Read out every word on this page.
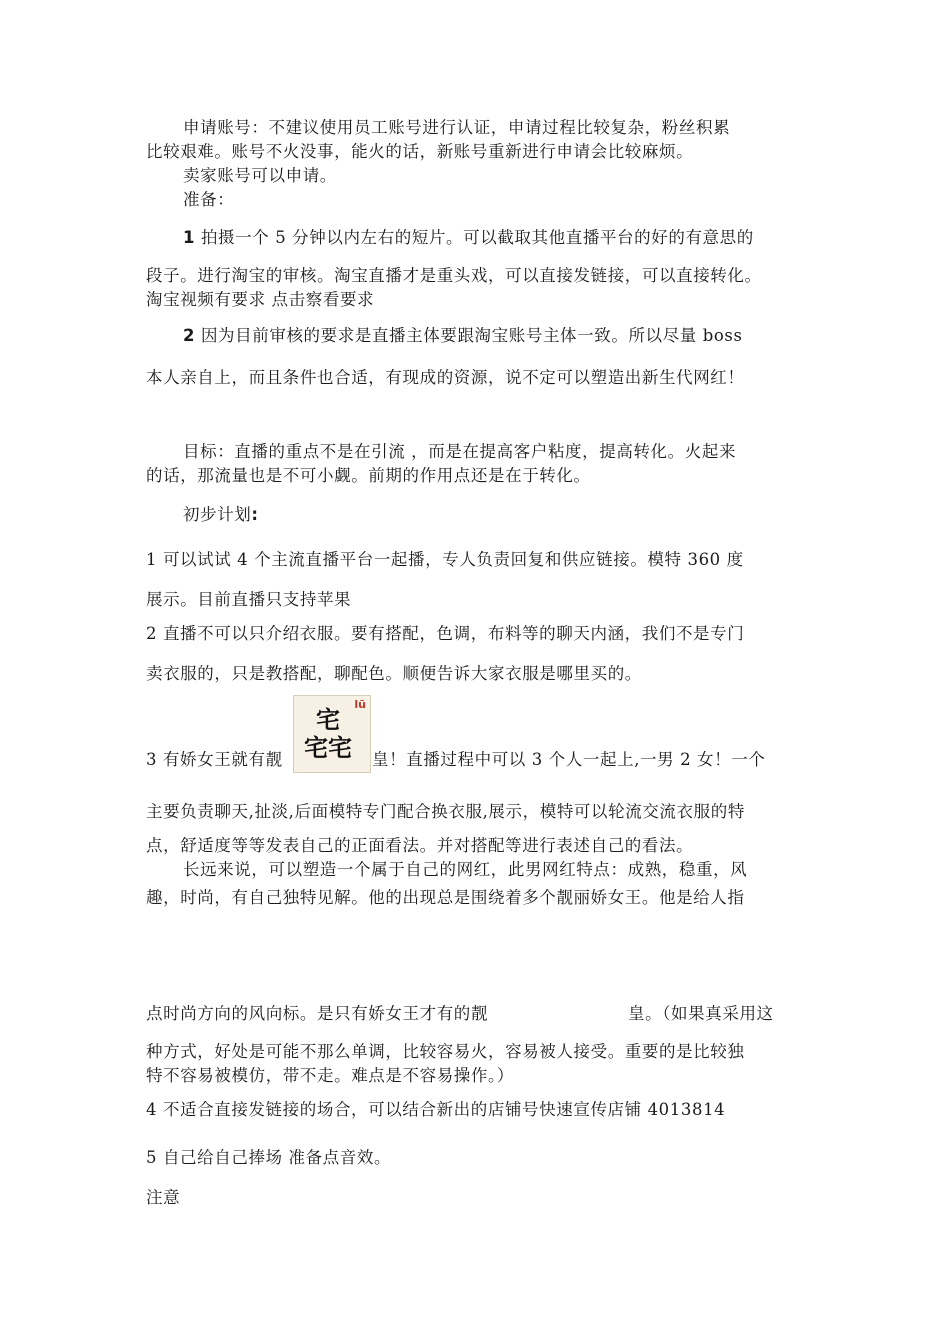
申请账号：不建议使用员工账号进行认证，申请过程比较复杂，粉丝积累
比较艰难。账号不火没事，能火的话，新账号重新进行申请会比较麻烦。
卖家账号可以申请。
准备：
1 拍摄一个 5 分钟以内左右的短片。可以截取其他直播平台的好的有意思的
段子。进行淘宝的审核。淘宝直播才是重头戏，可以直接发链接，可以直接转化。
淘宝视频有要求 点击察看要求
2 因为目前审核的要求是直播主体要跟淘宝账号主体一致。所以尽量 boss
本人亲自上，而且条件也合适，有现成的资源，说不定可以塑造出新生代网红！
目标：直播的重点不是在引流 ，而是在提高客户粘度，提高转化。火起来
的话，那流量也是不可小觑。前期的作用点还是在于转化。
初步计划:
1 可以试试 4 个主流直播平台一起播，专人负责回复和供应链接。模特 360 度
展示。目前直播只支持苹果
2 直播不可以只介绍衣服。要有搭配，色调，布料等的聊天内涵，我们不是专门
卖衣服的，只是教搭配，聊配色。顺便告诉大家衣服是哪里买的。
3 有娇女王就有靓
宅
宅宅
lū
皇！直播过程中可以 3 个人一起上,一男 2 女！一个
主要负责聊天,扯淡,后面模特专门配合换衣服,展示，模特可以轮流交流衣服的特
点，舒适度等等发表自己的正面看法。并对搭配等进行表述自己的看法。
长远来说，可以塑造一个属于自己的网红，此男网红特点：成熟，稳重，风
趣，时尚，有自己独特见解。他的出现总是围绕着多个靓丽娇女王。他是给人指
点时尚方向的风向标。是只有娇女王才有的靓	皇。（如果真采用这
种方式，好处是可能不那么单调，比较容易火，容易被人接受。重要的是比较独
特不容易被模仿，带不走。难点是不容易操作。）
4 不适合直接发链接的场合，可以结合新出的店铺号快速宣传店铺 4013814
5 自己给自己捧场 准备点音效。
注意
